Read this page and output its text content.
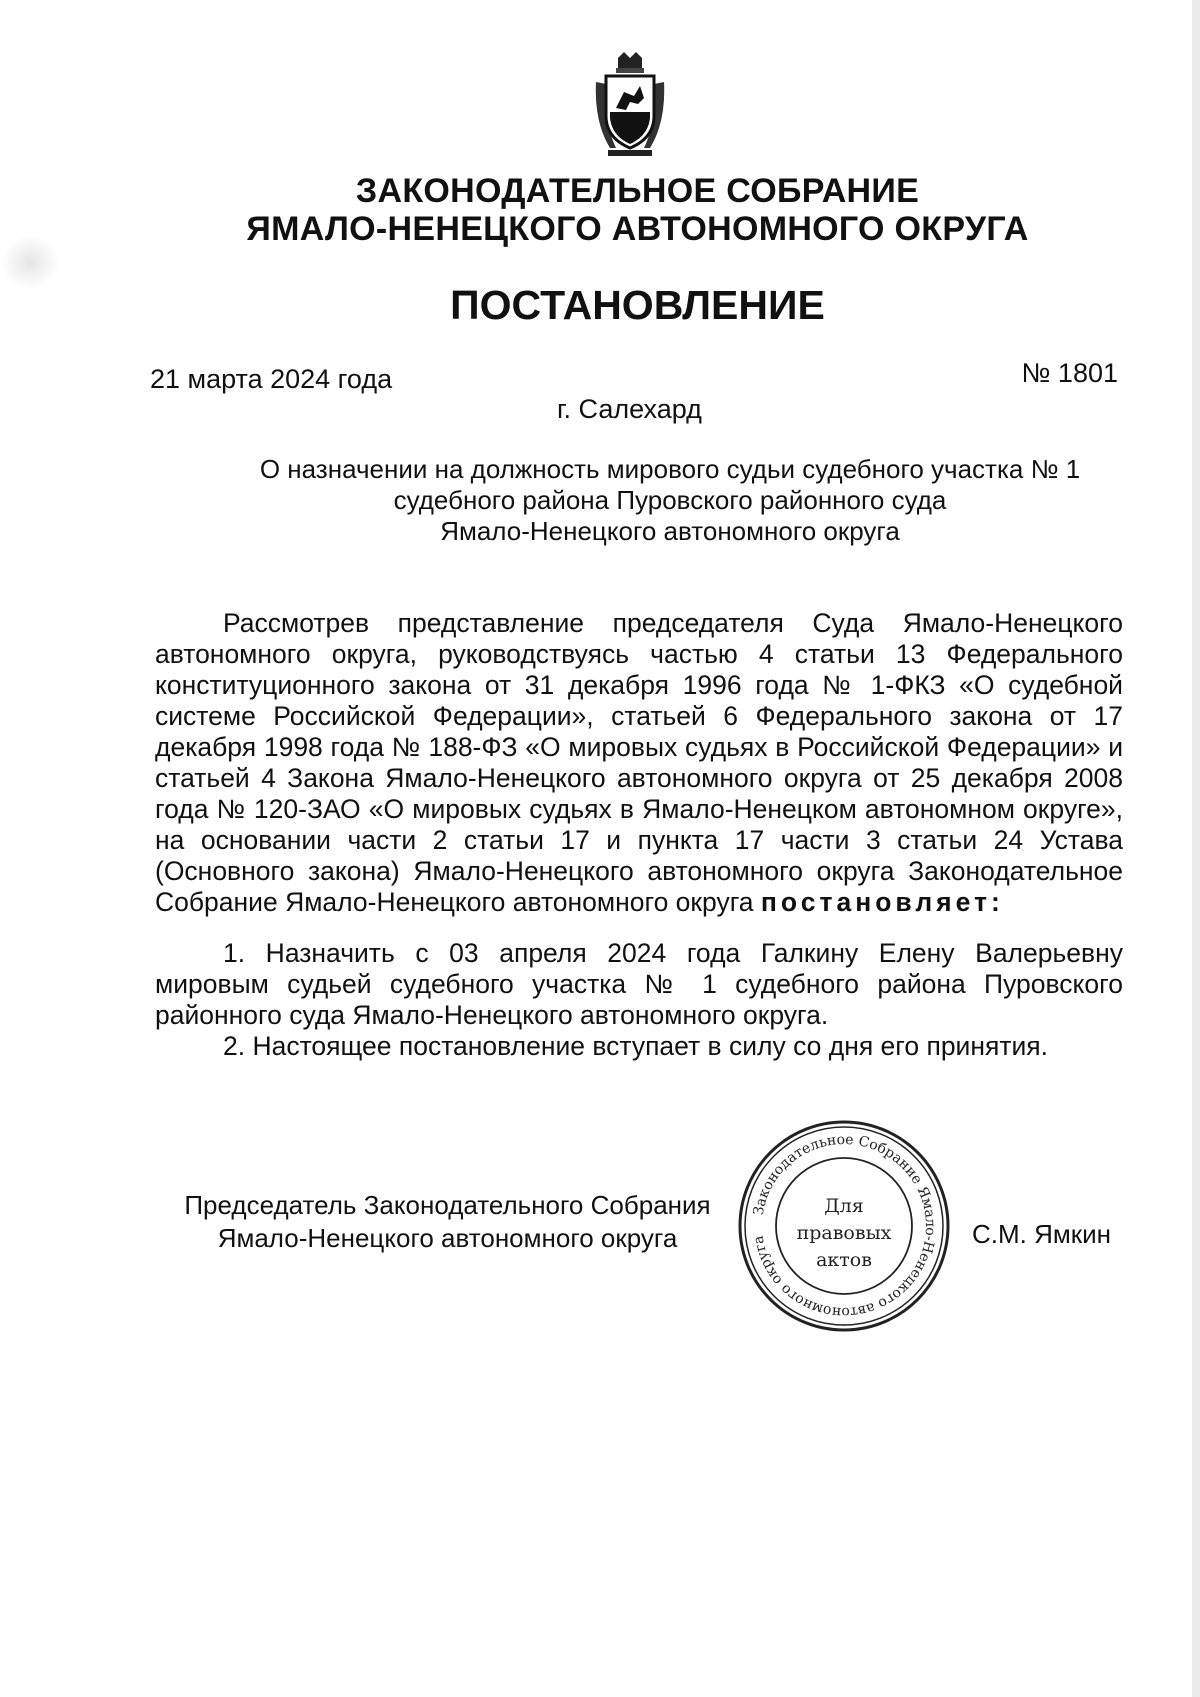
ЗАКОНОДАТЕЛЬНОЕ СОБРАНИЕ
ЯМАЛО-НЕНЕЦКОГО АВТОНОМНОГО ОКРУГА
ПОСТАНОВЛЕНИЕ
21 марта 2024 года	№ 1801
г. Салехард
О назначении на должность мирового судьи судебного участка № 1
судебного района Пуровского районного суда
Ямало-Ненецкого автономного округа

Рассмотрев представление председателя Суда Ямало-Ненецкого автономного округа, руководствуясь частью 4 статьи 13 Федерального конституционного закона от 31 декабря 1996 года № 1-ФКЗ «О судебной системе Российской Федерации», статьей 6 Федерального закона от 17 декабря 1998 года № 188-ФЗ «О мировых судьях в Российской Федерации» и статьей 4 Закона Ямало-Ненецкого автономного округа от 25 декабря 2008 года № 120-ЗАО «О мировых судьях в Ямало-Ненецком автономном округе», на основании части 2 статьи 17 и пункта 17 части 3 статьи 24 Устава (Основного закона) Ямало-Ненецкого автономного округа Законодательное Собрание Ямало-Ненецкого автономного округа постановляет:

1. Назначить с 03 апреля 2024 года Галкину Елену Валерьевну мировым судьей судебного участка № 1 судебного района Пуровского районного суда Ямало-Ненецкого автономного округа.

2. Настоящее постановление вступает в силу со дня его принятия.

Председатель Законодательного Собрания
Ямало-Ненецкого автономного округа
Законодательное Собрание Ямало-Ненецкого автономного округа
Для
правовых
актов
С.М. Ямкин
